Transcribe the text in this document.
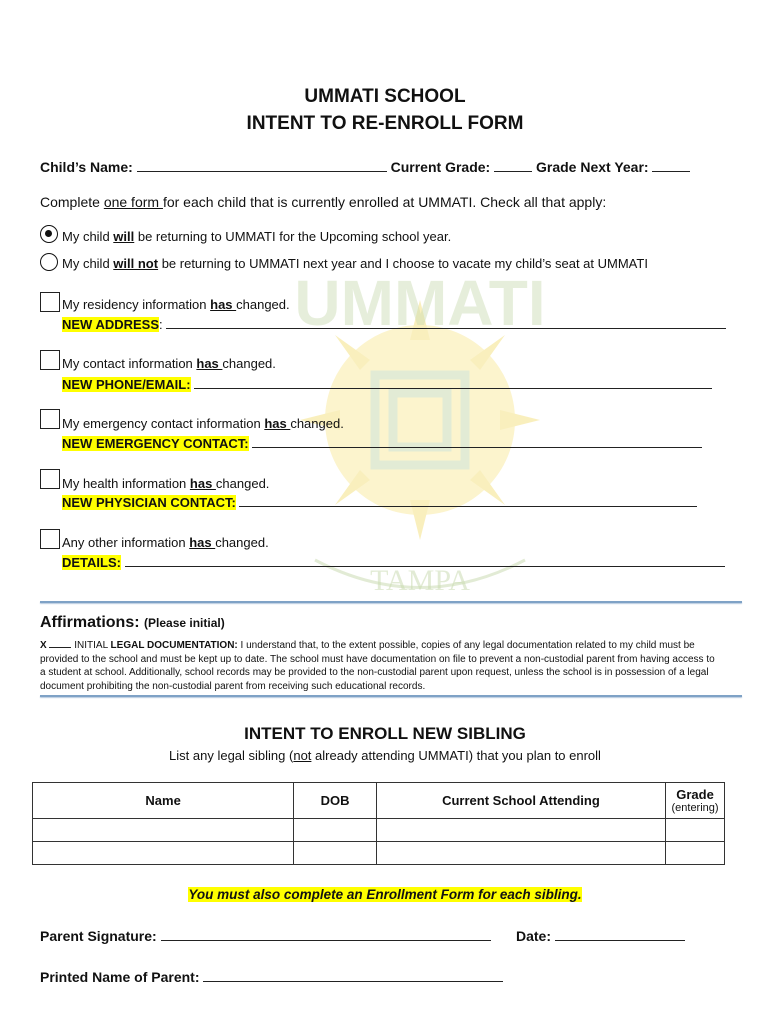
UMMATI
TAMPA
UMMATI SCHOOL
INTENT TO RE-ENROLL FORM
Child’s Name:	Current Grade:	Grade Next Year:
Complete one form for each child that is currently enrolled at UMMATI. Check all that apply:
My child will be returning to UMMATI for the Upcoming school year.
My child will not be returning to UMMATI next year and I choose to vacate my child’s seat at UMMATI
My residency information has changed.
NEW ADDRESS:
My contact information has changed.
NEW PHONE/EMAIL:
My emergency contact information has changed.
NEW EMERGENCY CONTACT:
My health information has changed.
NEW PHYSICIAN CONTACT:
Any other information has changed.
DETAILS:
Affirmations: (Please initial)
X	INITIAL LEGAL DOCUMENTATION: I understand that, to the extent possible, copies of any legal documentation related to my child must be provided to the school and must be kept up to date. The school must have documentation on file to prevent a non-custodial parent from having access to a student at school. Additionally, school records may be provided to the non-custodial parent upon request, unless the school is in possession of a legal document prohibiting the non-custodial parent from receiving such educational records.
INTENT TO ENROLL NEW SIBLING
List any legal sibling (not already attending UMMATI) that you plan to enroll
Name	DOB	Current School Attending	Grade
(entering)

You must also complete an Enrollment Form for each sibling.
Parent Signature:	Date:
Printed Name of Parent:
